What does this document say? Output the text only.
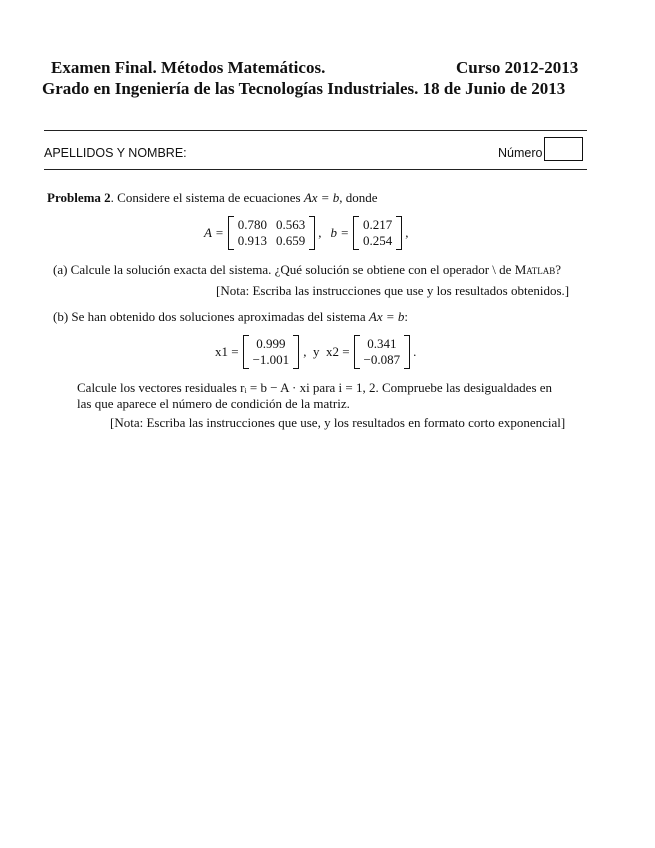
Examen Final. Métodos Matemáticos.	Curso 2012-2013
Grado en Ingeniería de las Tecnologías Industriales. 18 de Junio de 2013
APELLIDOS Y NOMBRE:	Número
Problema 2. Considere el sistema de ecuaciones Ax = b, donde
A =
0.780 0.563
0.913 0.659
, b =
0.217
0.254
,
(a) Calcule la solución exacta del sistema. ¿Qué solución se obtiene con el operador \ de Matlab?
[Nota: Escriba las instrucciones que use y los resultados obtenidos.]
(b) Se han obtenido dos soluciones aproximadas del sistema Ax = b:
x1 =
0.999
−1.001
,  y  x2 =
0.341
−0.087
.
Calcule los vectores residuales rᵢ = b − A · xi para i = 1, 2. Compruebe las desigualdades en
las que aparece el número de condición de la matriz.
[Nota: Escriba las instrucciones que use, y los resultados en formato corto exponencial]
